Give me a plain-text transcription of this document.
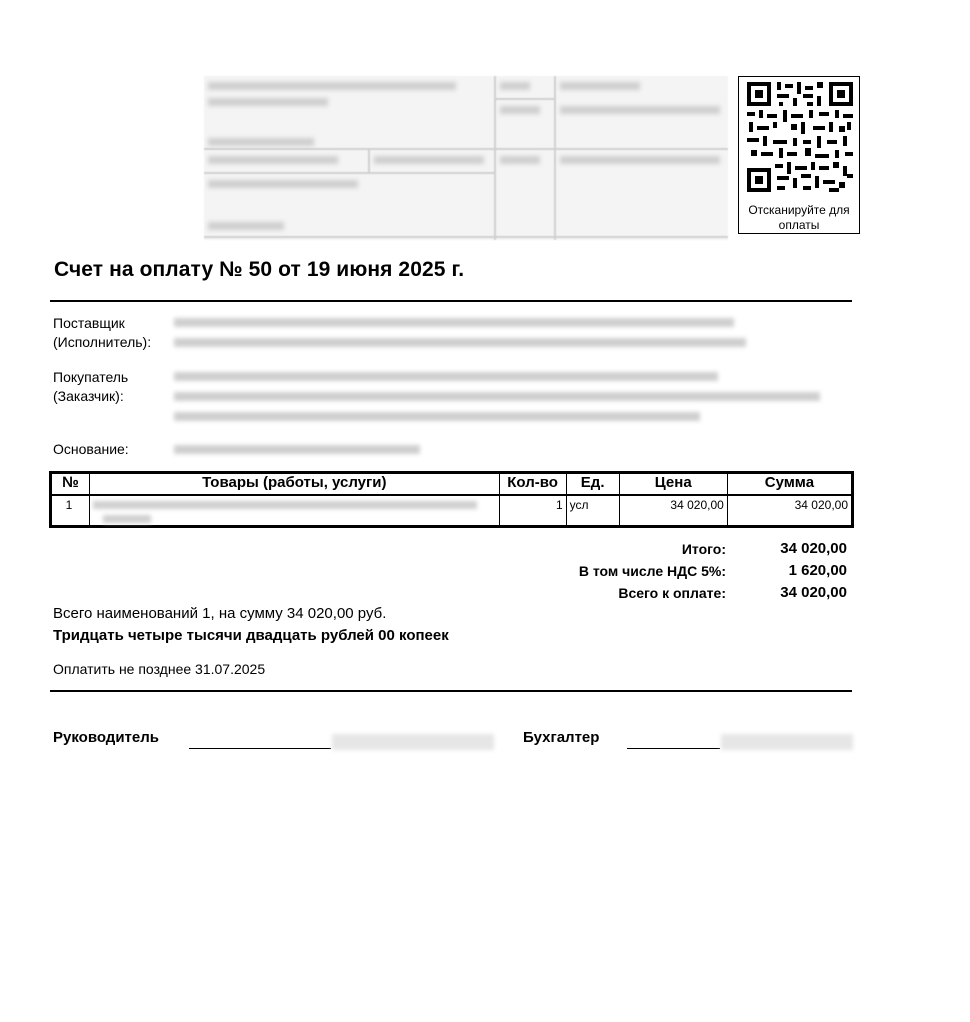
Отсканируйте для
оплаты
Счет на оплату № 50 от 19 июня 2025 г.
Поставщик
(Исполнитель):
Покупатель
(Заказчик):
Основание:
№	Товары (работы, услуги)	Кол-во	Ед.	Цена	Сумма
1		1	усл	34 020,00	34 020,00
Итого:	34 020,00
В том числе НДС 5%:	1 620,00
Всего к оплате:	34 020,00
Всего наименований 1, на сумму 34 020,00 руб.
Тридцать четыре тысячи двадцать рублей 00 копеек
Оплатить не позднее 31.07.2025
Руководитель	Бухгалтер
